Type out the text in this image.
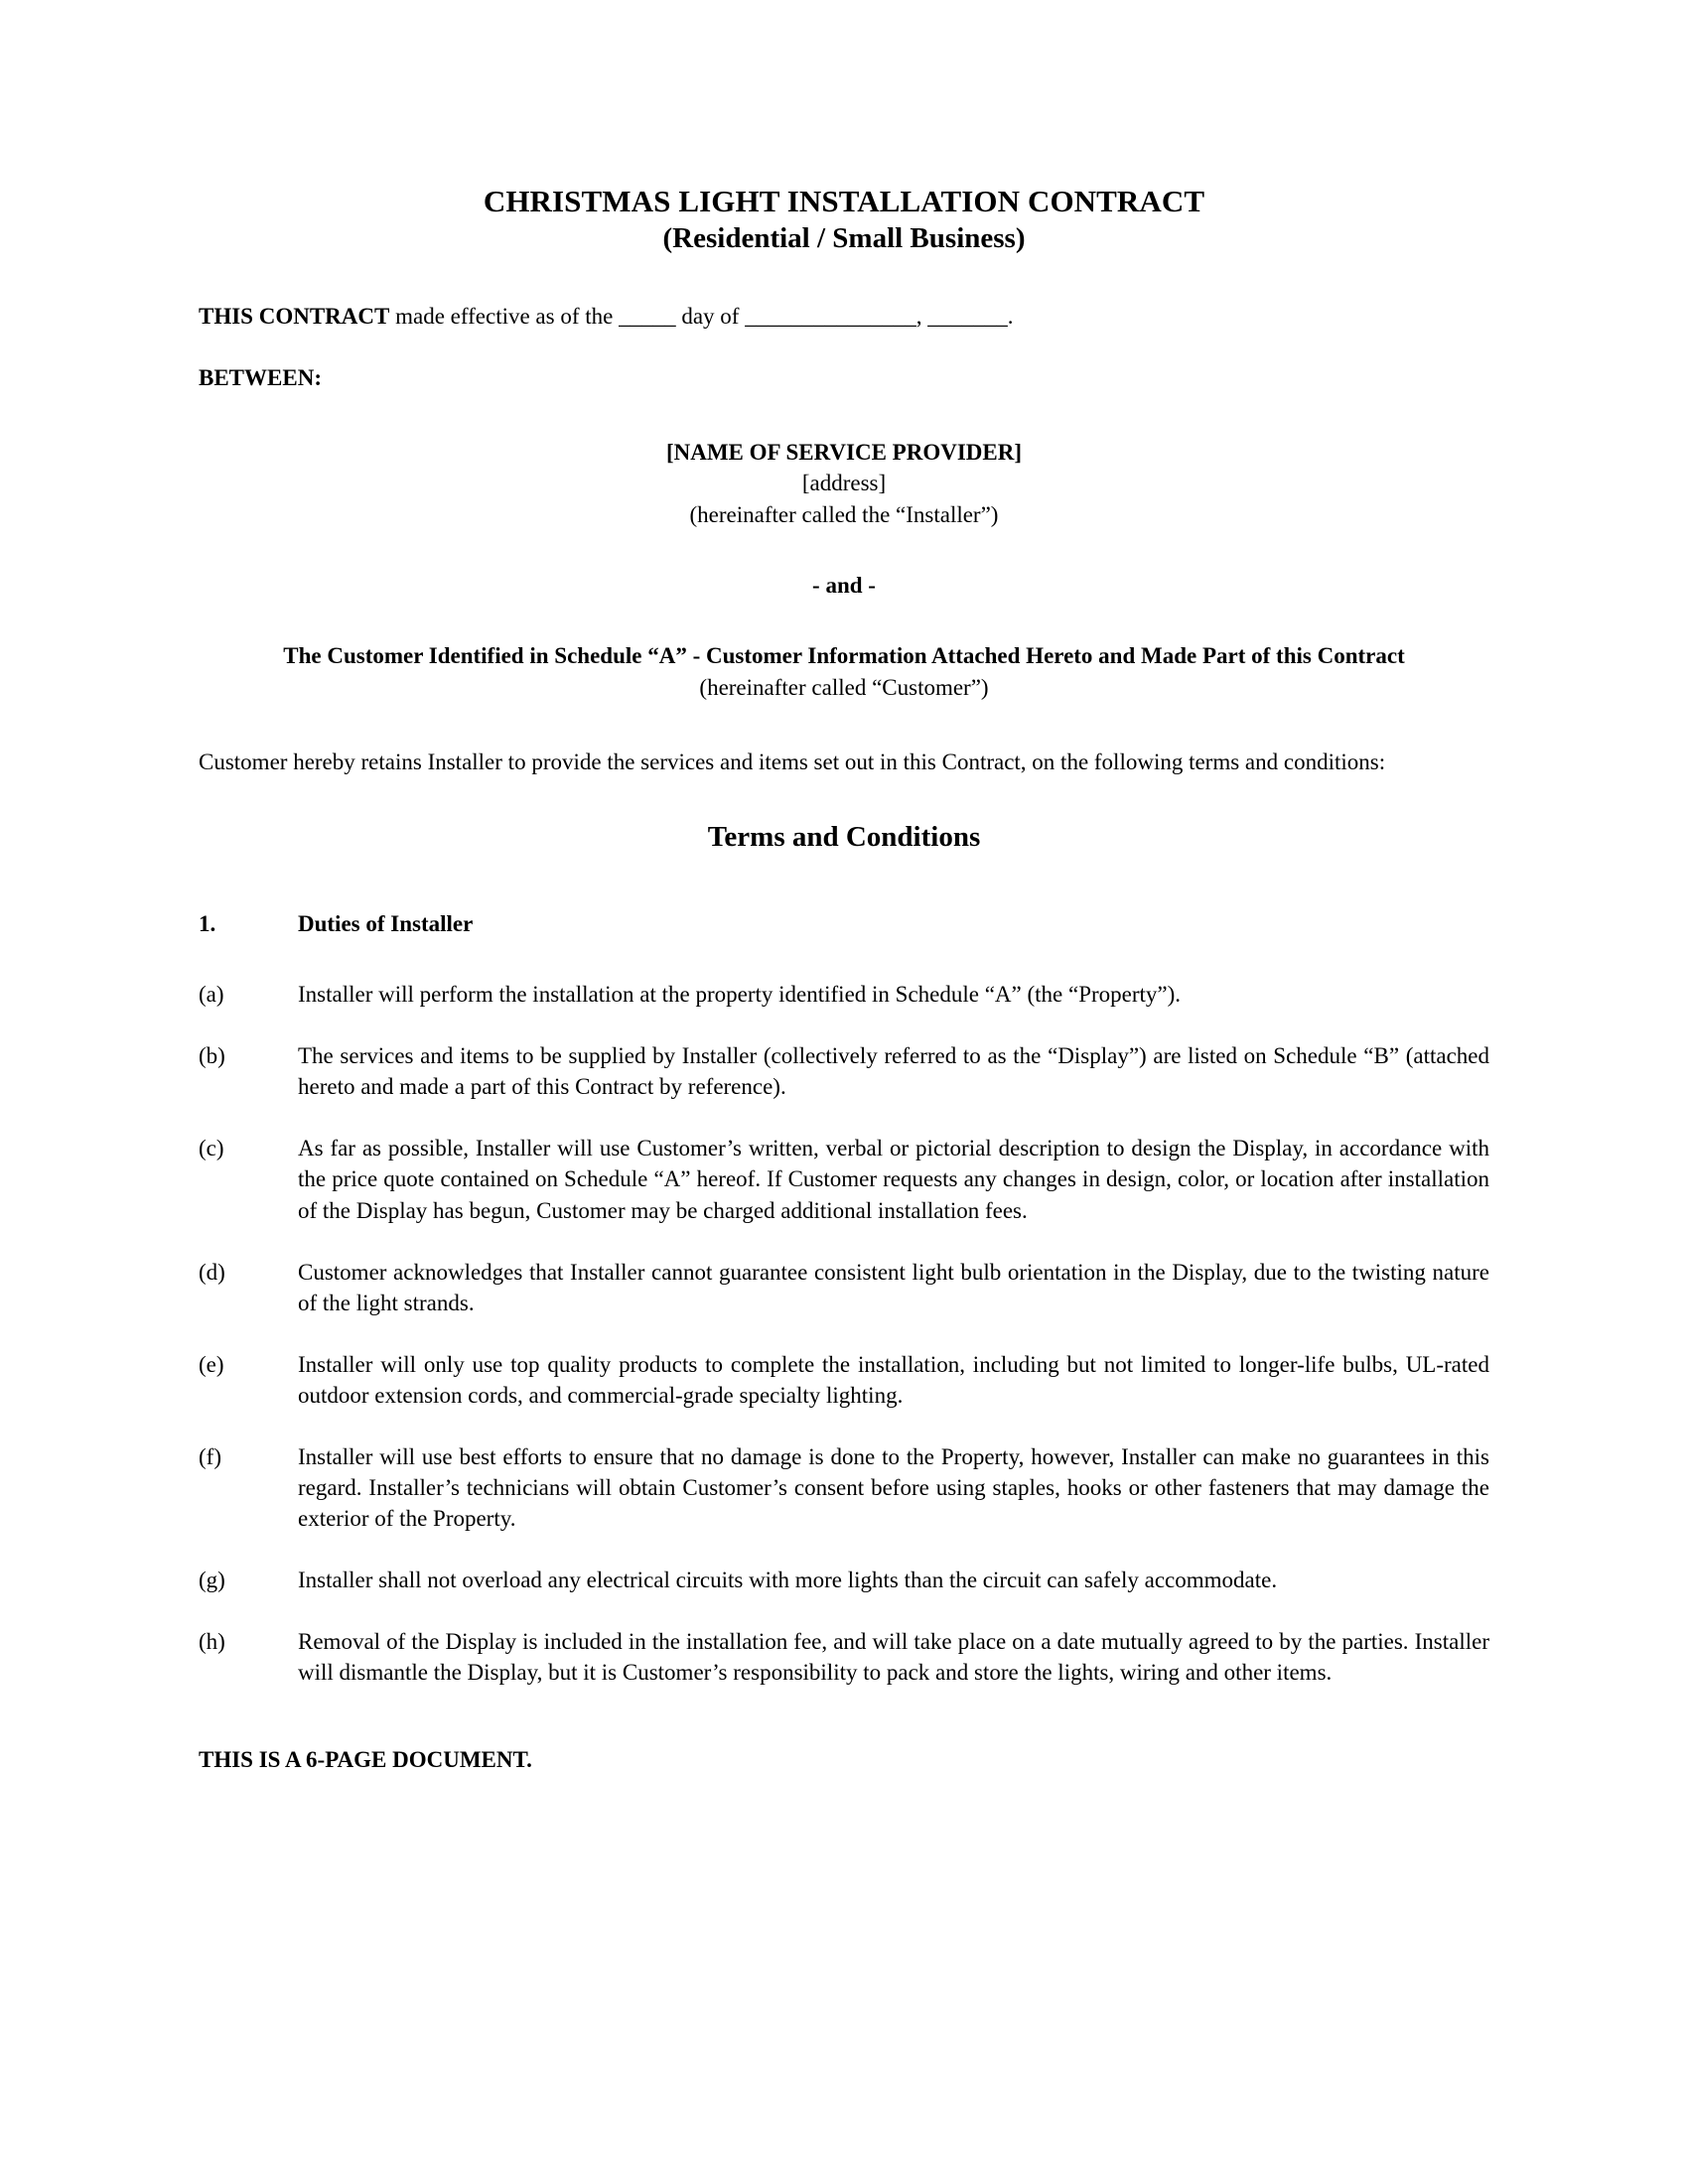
CHRISTMAS LIGHT INSTALLATION CONTRACT
(Residential / Small Business)

THIS CONTRACT made effective as of the _____ day of _______________, _______.

BETWEEN:
[NAME OF SERVICE PROVIDER]
[address]
(hereinafter called the “Installer”)
- and -
The Customer Identified in Schedule “A” - Customer Information Attached Hereto and Made Part of this Contract
(hereinafter called “Customer”)

Customer hereby retains Installer to provide the services and items set out in this Contract, on the following terms and conditions:

Terms and Conditions
1.	Duties of Installer
(a)	Installer will perform the installation at the property identified in Schedule “A” (the “Property”).
(b)	The services and items to be supplied by Installer (collectively referred to as the “Display”) are listed on Schedule “B” (attached hereto and made a part of this Contract by reference).
(c)	As far as possible, Installer will use Customer’s written, verbal or pictorial description to design the Display, in accordance with the price quote contained on Schedule “A” hereof. If Customer requests any changes in design, color, or location after installation of the Display has begun, Customer may be charged additional installation fees.
(d)	Customer acknowledges that Installer cannot guarantee consistent light bulb orientation in the Display, due to the twisting nature of the light strands.
(e)	Installer will only use top quality products to complete the installation, including but not limited to longer-life bulbs, UL-rated outdoor extension cords, and commercial-grade specialty lighting.
(f)	Installer will use best efforts to ensure that no damage is done to the Property, however, Installer can make no guarantees in this regard. Installer’s technicians will obtain Customer’s consent before using staples, hooks or other fasteners that may damage the exterior of the Property.
(g)	Installer shall not overload any electrical circuits with more lights than the circuit can safely accommodate.
(h)	Removal of the Display is included in the installation fee, and will take place on a date mutually agreed to by the parties. Installer will dismantle the Display, but it is Customer’s responsibility to pack and store the lights, wiring and other items.
THIS IS A 6-PAGE DOCUMENT.
